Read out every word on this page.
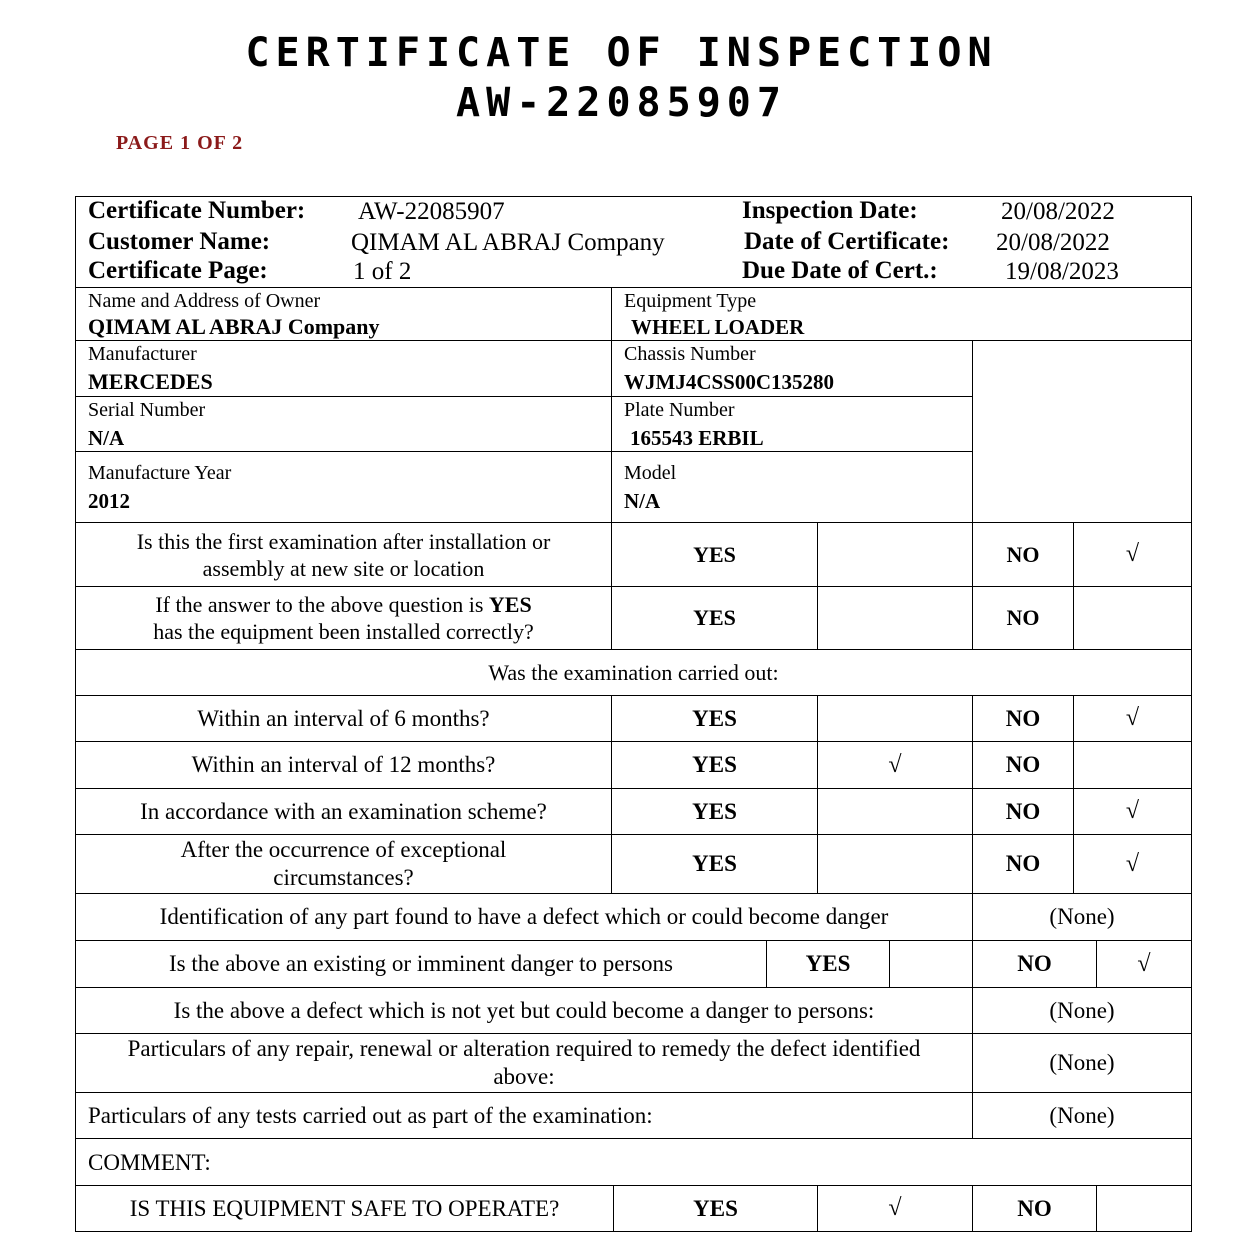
CERTIFICATE OF INSPECTION
AW-22085907
PAGE 1 OF 2
Certificate Number: AW-22085907
Customer Name:	QIMAM AL ABRAJ Company
Certificate Page:	1 of 2
Inspection Date:	20/08/2022
Date of Certificate: 20/08/2022
Due Date of Cert.:	19/08/2023
Name and Address of Owner
QIMAM AL ABRAJ Company
Equipment Type
WHEEL LOADER
Manufacturer
MERCEDES
Chassis Number
WJMJ4CSS00C135280
Serial Number
N/A
Plate Number
165543 ERBIL
Manufacture Year
2012
Model
N/A
Is this the first examination after installation or
assembly at new site or location
YES	NO	√
If the answer to the above question is YES
has the equipment been installed correctly?
YES	NO
Was the examination carried out:
Within an interval of 6 months?	YES	NO	√
Within an interval of 12 months?	YES	√	NO
In accordance with an examination scheme?	YES	NO	√
After the occurrence of exceptional
circumstances?
YES	NO	√
Identification of any part found to have a defect which or could become danger	(None)
Is the above an existing or imminent danger to persons	YES	NO	√
Is the above a defect which is not yet but could become a danger to persons:	(None)
Particulars of any repair, renewal or alteration required to remedy the defect identified
above:
(None)
Particulars of any tests carried out as part of the examination:	(None)
COMMENT:
IS THIS EQUIPMENT SAFE TO OPERATE?	YES	√	NO
